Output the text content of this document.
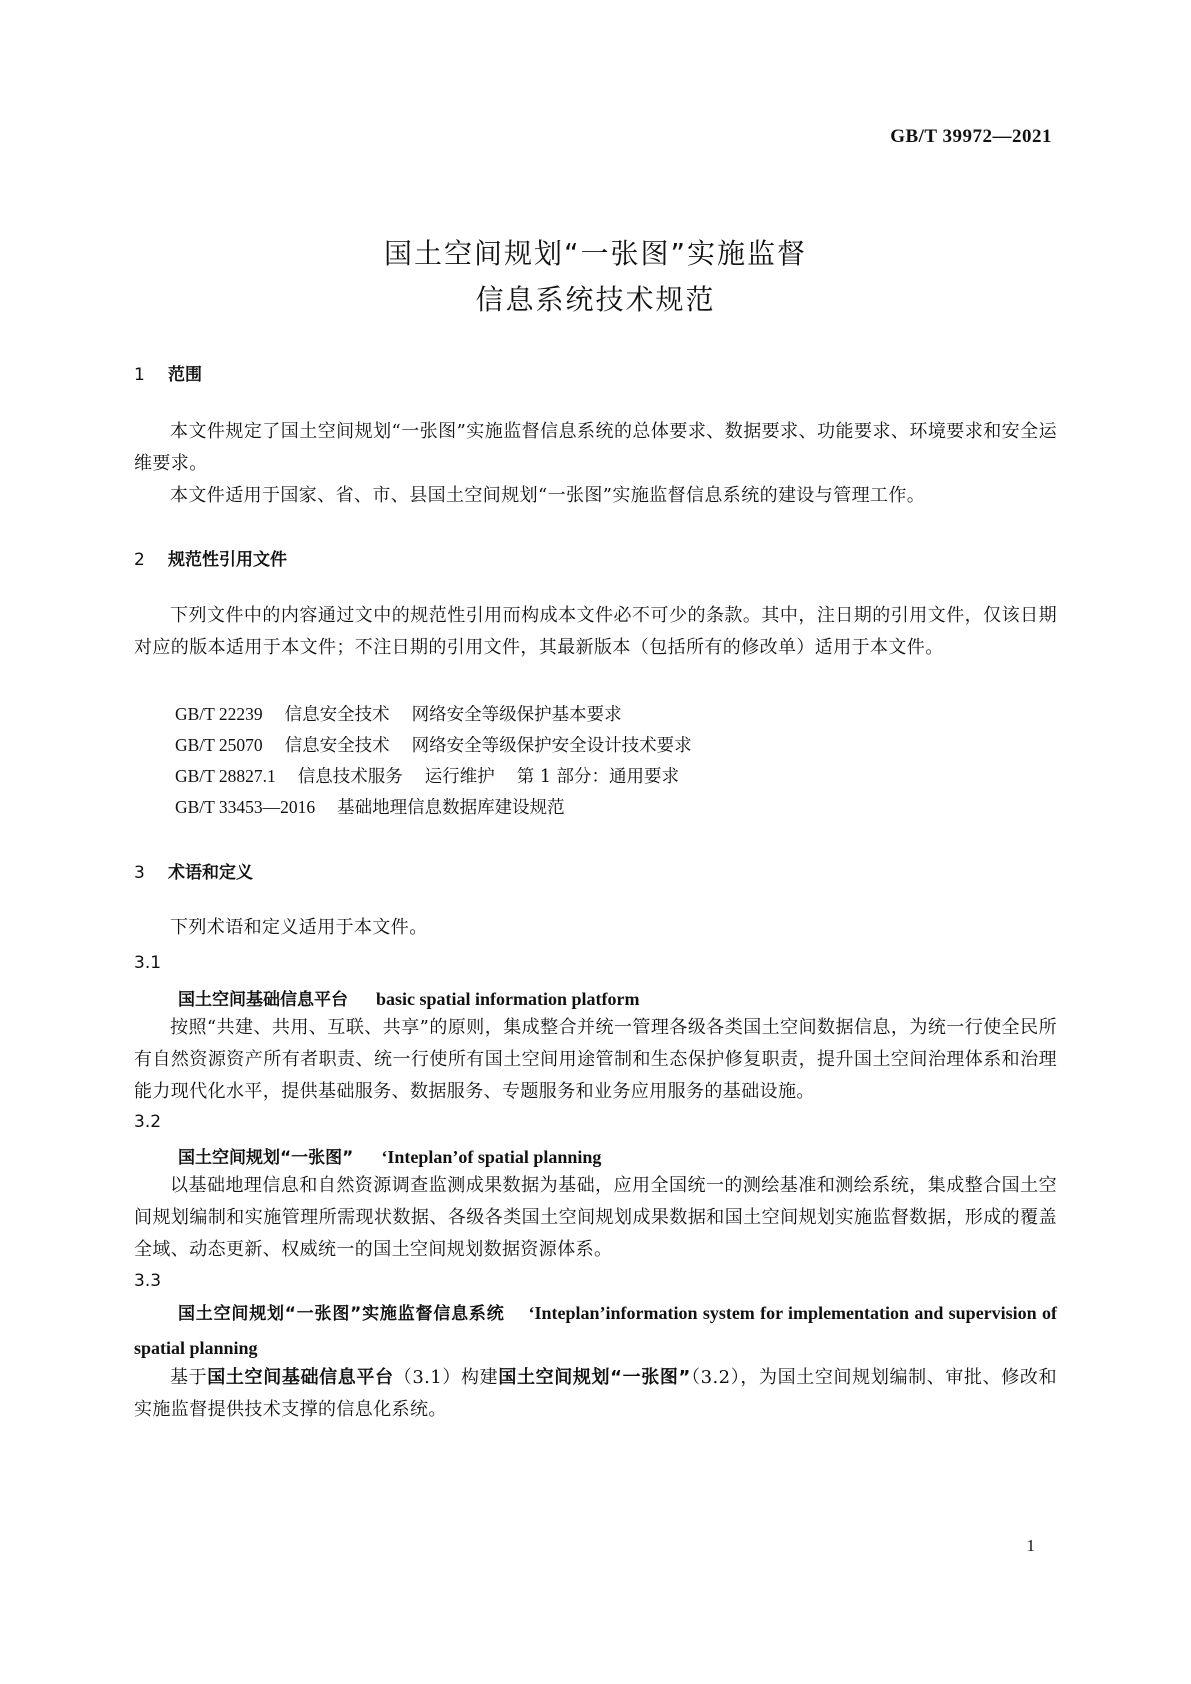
GB/T 39972—2021
国土空间规划“一张图”实施监督
信息系统技术规范
1 范围

本文件规定了国土空间规划“一张图”实施监督信息系统的总体要求、数据要求、功能要求、环境要求和安全运维要求。

本文件适用于国家、省、市、县国土空间规划“一张图”实施监督信息系统的建设与管理工作。

2 规范性引用文件

下列文件中的内容通过文中的规范性引用而构成本文件必不可少的条款。其中，注日期的引用文件，仅该日期对应的版本适用于本文件；不注日期的引用文件，其最新版本（包括所有的修改单）适用于本文件。

GB/T 22239 信息安全技术 网络安全等级保护基本要求
GB/T 25070 信息安全技术 网络安全等级保护安全设计技术要求
GB/T 28827.1 信息技术服务 运行维护 第 1 部分：通用要求
GB/T 33453—2016 基础地理信息数据库建设规范
3 术语和定义

下列术语和定义适用于本文件。

3.1
国土空间基础信息平台 basic spatial information platform

按照“共建、共用、互联、共享”的原则，集成整合并统一管理各级各类国土空间数据信息，为统一行使全民所有自然资源资产所有者职责、统一行使所有国土空间用途管制和生态保护修复职责，提升国土空间治理体系和治理能力现代化水平，提供基础服务、数据服务、专题服务和业务应用服务的基础设施。

3.2
国土空间规划“一张图” ‘Inteplan’of spatial planning

以基础地理信息和自然资源调查监测成果数据为基础，应用全国统一的测绘基准和测绘系统，集成整合国土空间规划编制和实施管理所需现状数据、各级各类国土空间规划成果数据和国土空间规划实施监督数据，形成的覆盖全域、动态更新、权威统一的国土空间规划数据资源体系。

3.3

国土空间规划“一张图”实施监督信息系统 ‘Inteplan’information system for implementation and supervision of spatial planning

基于国土空间基础信息平台（3.1）构建国土空间规划“一张图”（3.2），为国土空间规划编制、审批、修改和实施监督提供技术支撑的信息化系统。

1
